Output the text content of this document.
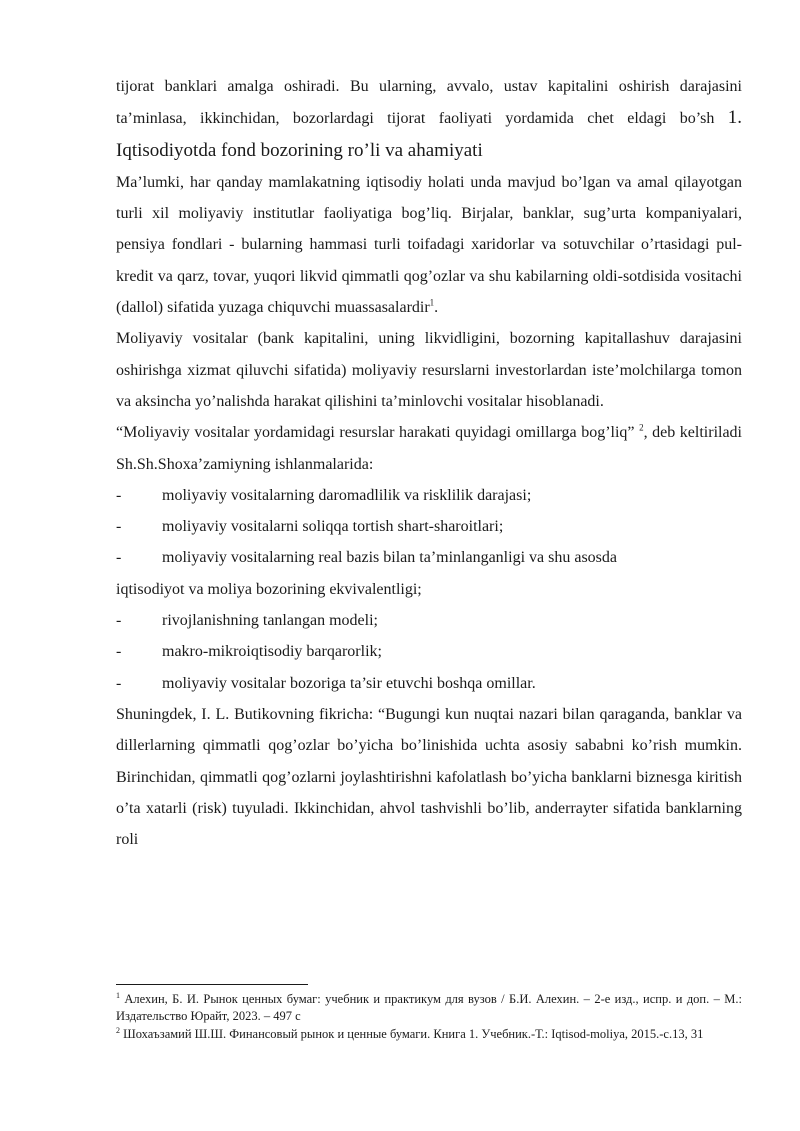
tijorat banklari amalga oshiradi. Bu ularning, avvalo, ustav kapitalini oshirish darajasini ta’minlasa, ikkinchidan, bozorlardagi tijorat faoliyati yordamida chet eldagi bo’sh 1. Iqtisodiyotda fond bozorining ro’li va ahamiyati

Ma’lumki, har qanday mamlakatning iqtisodiy holati unda mavjud bo’lgan va amal qilayotgan turli xil moliyaviy institutlar faoliyatiga bog’liq. Birjalar, banklar, sug’urta kompaniyalari, pensiya fondlari - bularning hammasi turli toifadagi xaridorlar va sotuvchilar o’rtasidagi pul-kredit va qarz, tovar, yuqori likvid qimmatli qog’ozlar va shu kabilarning oldi-sotdisida vositachi (dallol) sifatida yuzaga chiquvchi muassasalardir$^1$.

Moliyaviy vositalar (bank kapitalini, uning likvidligini, bozorning kapitallashuv darajasini oshirishga xizmat qiluvchi sifatida) moliyaviy resurslarni investorlardan iste’molchilarga tomon va aksincha yo’nalishda harakat qilishini ta’minlovchi vositalar hisoblanadi.

“Moliyaviy vositalar yordamidagi resurslar harakati quyidagi omillarga bog’liq” $^2$, deb keltiriladi Sh.Sh.Shoxa’zamiyning ishlanmalarida:

-	moliyaviy vositalarning daromadlilik va risklilik darajasi;
-	moliyaviy vositalarni soliqqa tortish shart-sharoitlari;
-	moliyaviy vositalarning real bazis bilan ta’minlanganligi va shu asosda
iqtisodiyot va moliya bozorining ekvivalentligi;
-	rivojlanishning tanlangan modeli;
-	makro-mikroiqtisodiy barqarorlik;
-	moliyaviy vositalar bozoriga ta’sir etuvchi boshqa omillar.

Shuningdek, I. L. Butikovning fikricha: “Bugungi kun nuqtai nazari bilan qaraganda, banklar va dillerlarning qimmatli qog’ozlar bo’yicha bo’linishida uchta asosiy sababni ko’rish mumkin. Birinchidan, qimmatli qog’ozlarni joylashtirishni kafolatlash bo’yicha banklarni biznesga kiritish o’ta xatarli (risk) tuyuladi. Ikkinchidan, ahvol tashvishli bo’lib, anderrayter sifatida banklarning roli

$^1$ Алехин, Б. И. Рынок ценных бумаг: учебник и практикум для вузов / Б.И. Алехин. – 2-е изд., испр. и доп. – М.: Издательство Юрайт, 2023. – 497 с

$^2$ Шохаъзамий Ш.Ш. Финансовый рынок и ценные бумаги. Книга 1. Учебник.-Т.: Iqtisod-moliya, 2015.-с.13, 31
